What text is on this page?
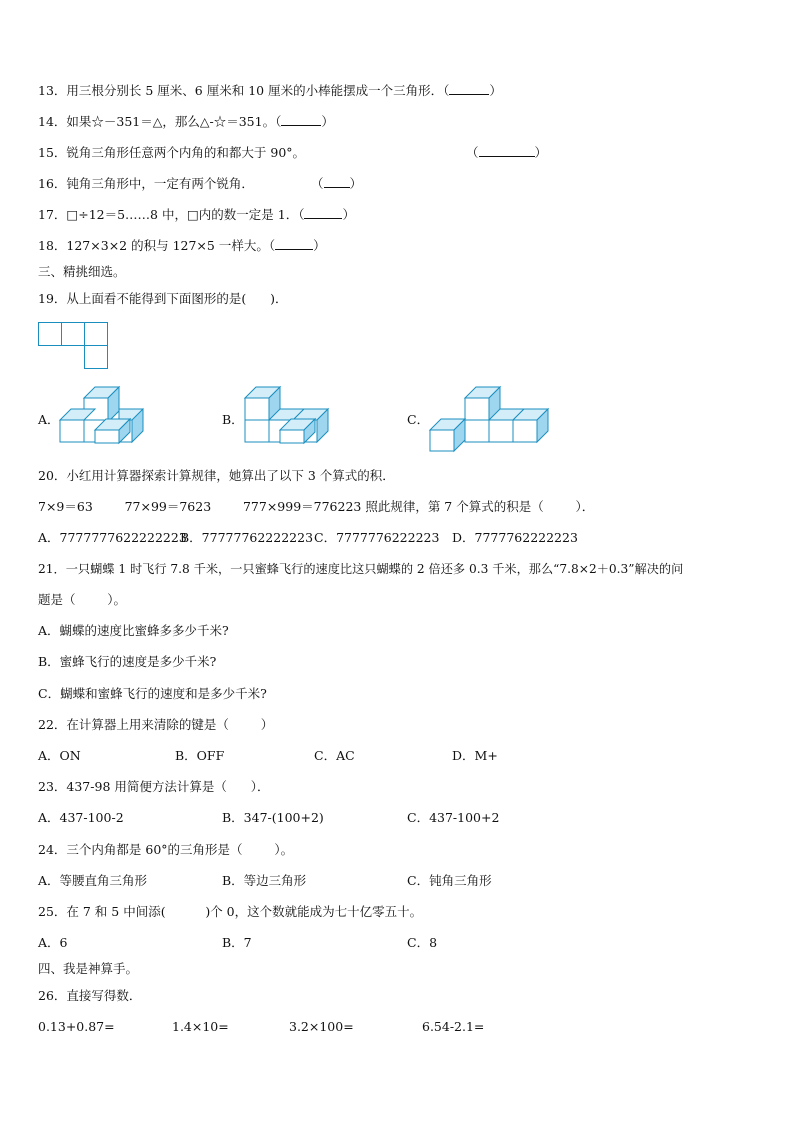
13．用三根分别长 5 厘米、6 厘米和 10 厘米的小棒能摆成一个三角形．（	）
14．如果☆－351＝△，那么△-☆＝351。（	）
15．锐角三角形任意两个内角的和都大于 90°。	（	）
16．钝角三角形中，一定有两个锐角．	（ ）
17．□÷12＝5……8 中，□内的数一定是 1．（	）
18．127×3×2 的积与 127×5 一样大。（	）
三、精挑细选。
19．从上面看不能得到下面图形的是(      )．
A．	B．	C．
20．小红用计算器探索计算规律，她算出了以下 3 个算式的积．
7×9＝63        77×99＝7623        777×999＝776223 照此规律，第 7 个算式的积是（        ）．
A．7777777622222223
B．77777762222223 C．7777776222223 D．7777762222223
21．一只蝴蝶 1 时飞行 7.8 千米，一只蜜蜂飞行的速度比这只蝴蝶的 2 倍还多 0.3 千米，那么“7.8×2＋0.3”解决的问
题是（        ）。
A．蝴蝶的速度比蜜蜂多多少千米?
B．蜜蜂飞行的速度是多少千米?
C．蝴蝶和蜜蜂飞行的速度和是多少千米?
22．在计算器上用来清除的键是（        ）
A．ON	B．OFF	C．AC	D．M+
23．437-98 用简便方法计算是（      ）．
A．437-100-2	B．347-(100+2)	C．437-100+2
24．三个内角都是 60°的三角形是（        ）。
A．等腰直角三角形	B．等边三角形	C．钝角三角形
25．在 7 和 5 中间添(          )个 0，这个数就能成为七十亿零五十。
A．6	B．7	C．8
四、我是神算手。
26．直接写得数．
0.13+0.87=	1.4×10=	3.2×100=	6.54-2.1=
